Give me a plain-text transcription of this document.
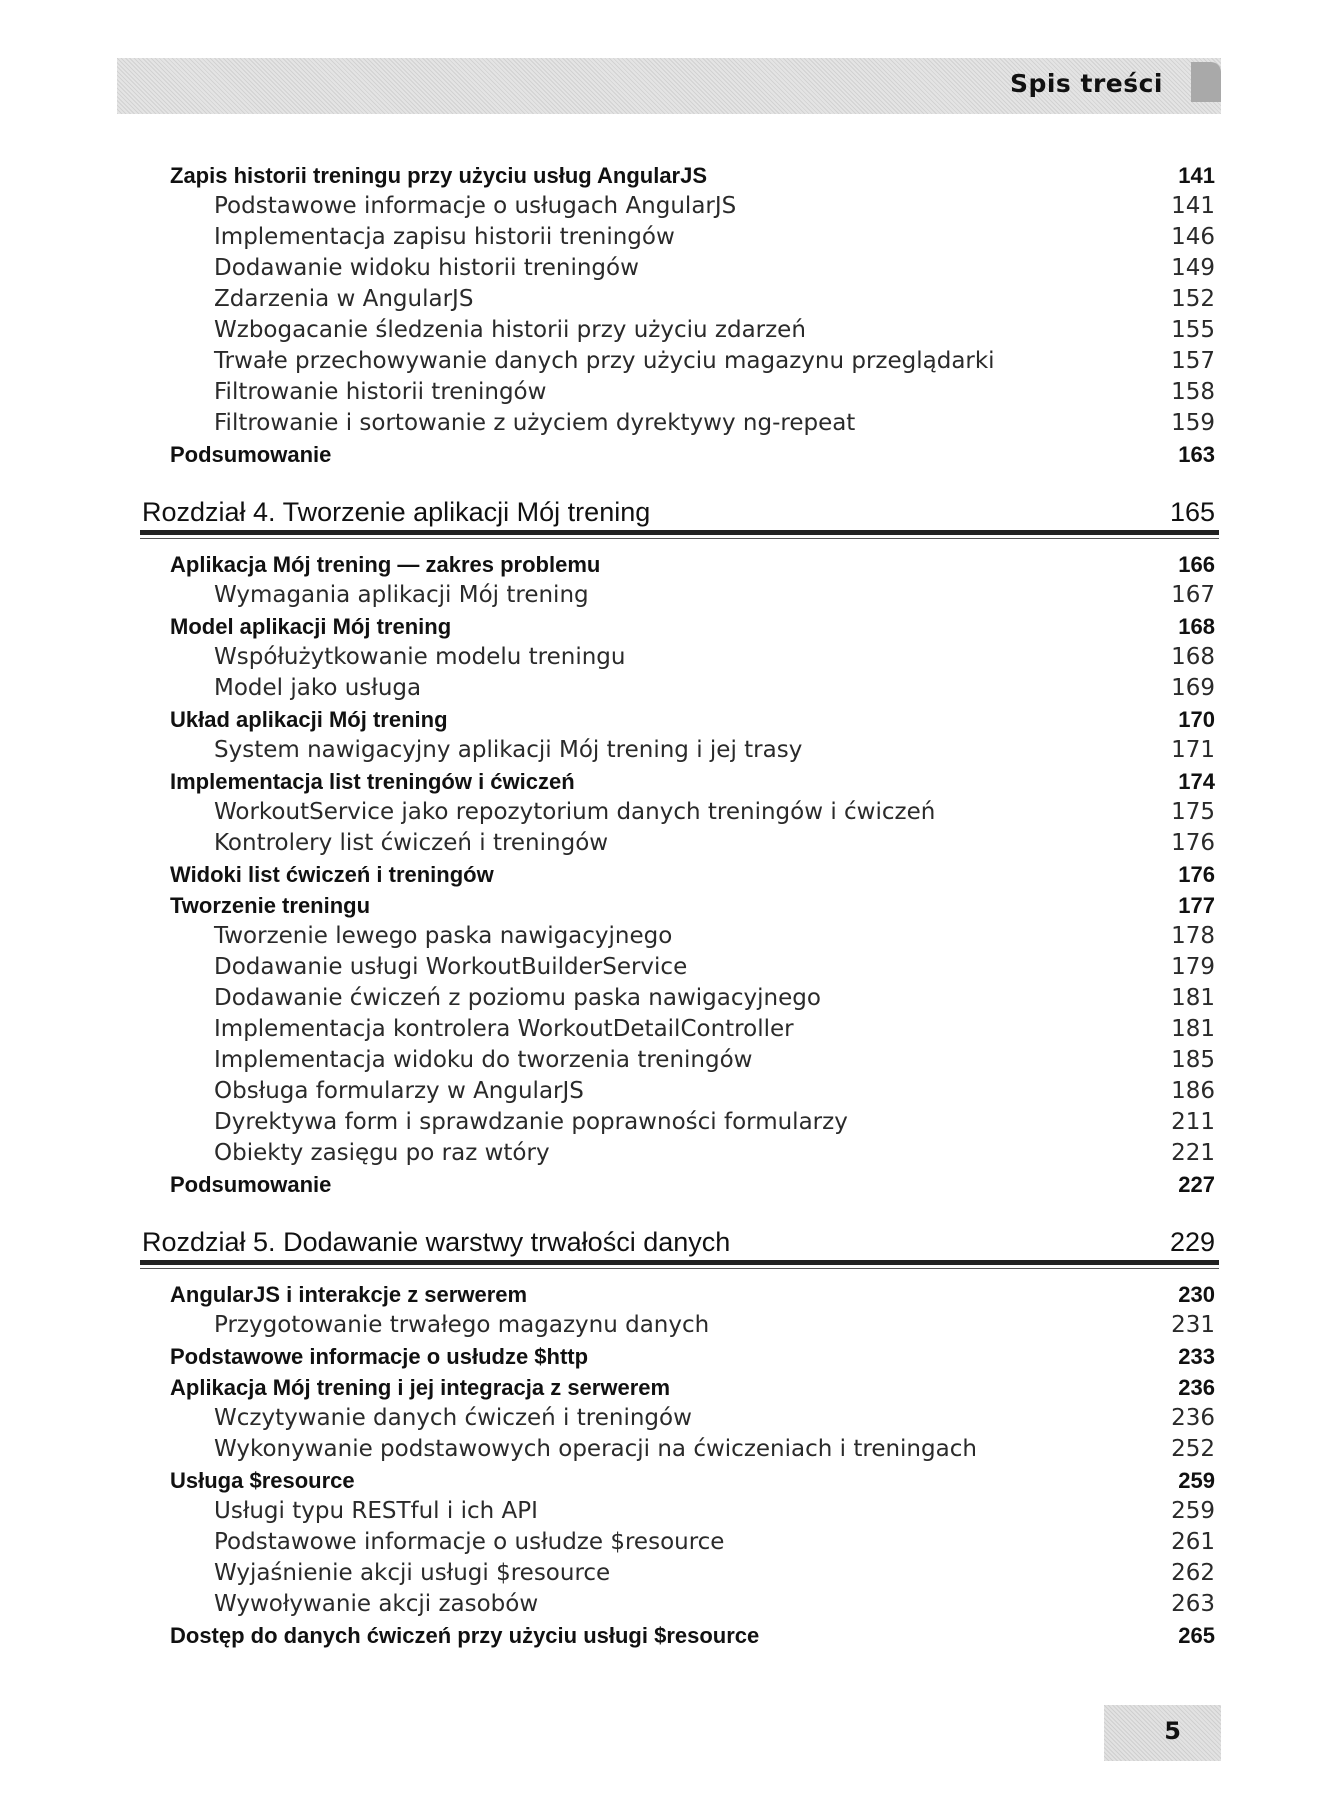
Spis treści
Zapis historii treningu przy użyciu usług AngularJS	141
Podstawowe informacje o usługach AngularJS	141
Implementacja zapisu historii treningów	146
Dodawanie widoku historii treningów	149
Zdarzenia w AngularJS	152
Wzbogacanie śledzenia historii przy użyciu zdarzeń	155
Trwałe przechowywanie danych przy użyciu magazynu przeglądarki	157
Filtrowanie historii treningów	158
Filtrowanie i sortowanie z użyciem dyrektywy ng-repeat	159
Podsumowanie	163
Rozdział 4. Tworzenie aplikacji Mój trening	165
Aplikacja Mój trening — zakres problemu	166
Wymagania aplikacji Mój trening	167
Model aplikacji Mój trening	168
Współużytkowanie modelu treningu	168
Model jako usługa	169
Układ aplikacji Mój trening	170
System nawigacyjny aplikacji Mój trening i jej trasy	171
Implementacja list treningów i ćwiczeń	174
WorkoutService jako repozytorium danych treningów i ćwiczeń	175
Kontrolery list ćwiczeń i treningów	176
Widoki list ćwiczeń i treningów	176
Tworzenie treningu	177
Tworzenie lewego paska nawigacyjnego	178
Dodawanie usługi WorkoutBuilderService	179
Dodawanie ćwiczeń z poziomu paska nawigacyjnego	181
Implementacja kontrolera WorkoutDetailController	181
Implementacja widoku do tworzenia treningów	185
Obsługa formularzy w AngularJS	186
Dyrektywa form i sprawdzanie poprawności formularzy	211
Obiekty zasięgu po raz wtóry	221
Podsumowanie	227
Rozdział 5. Dodawanie warstwy trwałości danych	229
AngularJS i interakcje z serwerem	230
Przygotowanie trwałego magazynu danych	231
Podstawowe informacje o usłudze $http	233
Aplikacja Mój trening i jej integracja z serwerem	236
Wczytywanie danych ćwiczeń i treningów	236
Wykonywanie podstawowych operacji na ćwiczeniach i treningach	252
Usługa $resource	259
Usługi typu RESTful i ich API	259
Podstawowe informacje o usłudze $resource	261
Wyjaśnienie akcji usługi $resource	262
Wywoływanie akcji zasobów	263
Dostęp do danych ćwiczeń przy użyciu usługi $resource	265
5
